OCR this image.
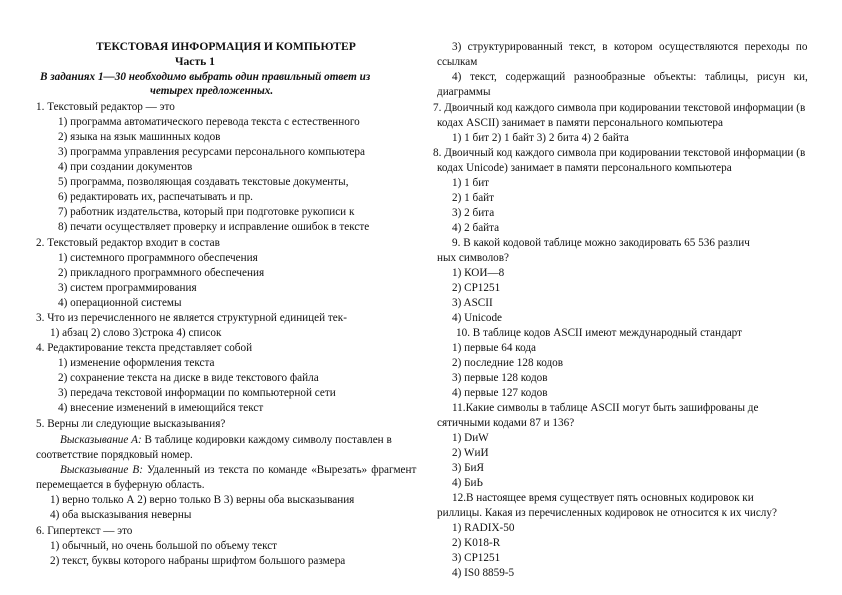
ТЕКСТОВАЯ ИНФОРМАЦИЯ И КОМПЬЮТЕР
Часть 1
В заданиях 1—30 необходимо выбрать один правильный ответ из
четырех предложенных.
1. Текстовый редактор — это
1) программа автоматического перевода текста с естественного
2) языка на язык машинных кодов
3) программа управления ресурсами персонального компьютера
4) при создании документов
5) программа, позволяющая создавать текстовые документы,
6) редактировать их, распечатывать и пр.
7) работник издательства, который при подготовке рукописи к
8) печати осуществляет проверку и исправление ошибок в тексте
2. Текстовый редактор входит в состав
1) системного программного обеспечения
2) прикладного программного обеспечения
3) систем программирования
4) операционной системы
3. Что из перечисленного не является структурной единицей тек-
1) абзац 2) слово 3)строка 4) список
4. Редактирование текста представляет собой
1) изменение оформления текста
2) сохранение текста на диске в виде текстового файла
3) передача текстовой информации по компьютерной сети
4) внесение изменений в имеющийся текст
5. Верны ли следующие высказывания?
Высказывание А: В таблице кодировки каждому символу поставлен в
соответствие порядковый номер.
Высказывание В: Удаленный из текста по команде «Вырезать» фрагмент
перемещается в буферную область.
1) верно только А 2) верно только В 3) верны оба высказывания
4) оба высказывания неверны
6. Гипертекст — это
1) обычный, но очень большой по объему текст
2) текст, буквы которого набраны шрифтом большого размера
3) структурированный текст, в котором осуществляются переходы по
ссылкам
4) текст, содержащий разнообразные объекты: таблицы, рисун ки,
диаграммы
7. Двоичный код каждого символа при кодировании текстовой информации (в
кодах ASCII) занимает в памяти персонального компьютера
1) 1 бит 2) 1 байт 3) 2 бита 4) 2 байта
8. Двоичный код каждого символа при кодировании текстовой информации (в
кодах Unicode) занимает в памяти персонального компьютера
1) 1 бит
2) 1 байт
3) 2 бита
4) 2 байта
9. В какой кодовой таблице можно закодировать 65 536 различ
ных символов?
1) КОИ—8
2) СР1251
3) ASCII
4) Unicode
10. В таблице кодов ASCII имеют международный стандарт
1) первые 64 кода
2) последние 128 кодов
3) первые 128 кодов
4) первые 127 кодов
11.Какие символы в таблице ASCII могут быть зашифрованы де
сятичными кодами 87 и 136?
1) DиW
2) WиИ
3) БиЯ
4) БиЬ
12.В настоящее время существует пять основных кодировок ки
риллицы. Какая из перечисленных кодировок не относится к их числу?
1) RADIX-50
2) K018-R
3) CP1251
4) IS0 8859-5
